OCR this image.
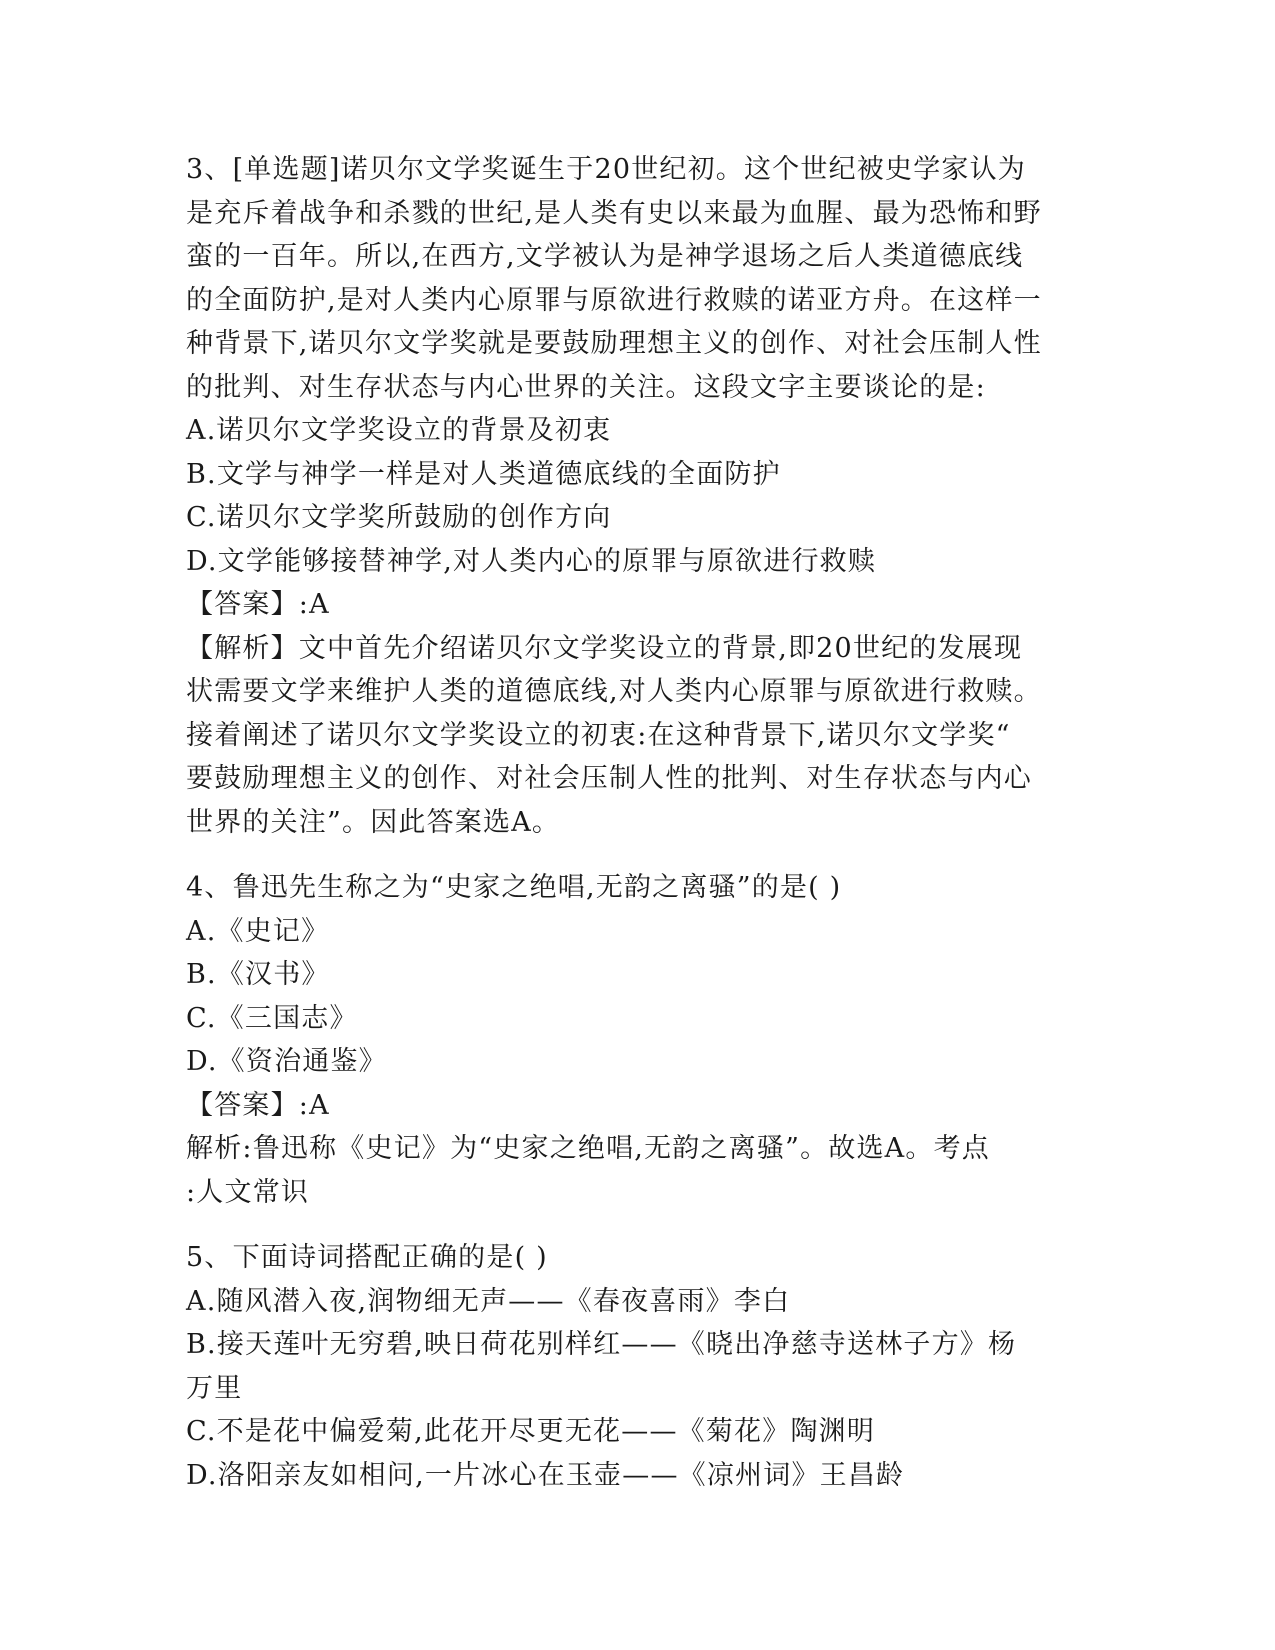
3、[单选题]诺贝尔文学奖诞生于20世纪初。这个世纪被史学家认为
是充斥着战争和杀戮的世纪,是人类有史以来最为血腥、最为恐怖和野
蛮的一百年。所以,在西方,文学被认为是神学退场之后人类道德底线
的全面防护,是对人类内心原罪与原欲进行救赎的诺亚方舟。在这样一
种背景下,诺贝尔文学奖就是要鼓励理想主义的创作、对社会压制人性
的批判、对生存状态与内心世界的关注。这段文字主要谈论的是:
A.诺贝尔文学奖设立的背景及初衷
B.文学与神学一样是对人类道德底线的全面防护
C.诺贝尔文学奖所鼓励的创作方向
D.文学能够接替神学,对人类内心的原罪与原欲进行救赎
【答案】:A
【解析】文中首先介绍诺贝尔文学奖设立的背景,即20世纪的发展现
状需要文学来维护人类的道德底线,对人类内心原罪与原欲进行救赎。
接着阐述了诺贝尔文学奖设立的初衷:在这种背景下,诺贝尔文学奖“
要鼓励理想主义的创作、对社会压制人性的批判、对生存状态与内心
世界的关注”。因此答案选A。
4、鲁迅先生称之为“史家之绝唱,无韵之离骚”的是( )
A.《史记》
B.《汉书》
C.《三国志》
D.《资治通鉴》
【答案】:A
解析:鲁迅称《史记》为“史家之绝唱,无韵之离骚”。故选A。考点
:人文常识
5、下面诗词搭配正确的是( )
A.随风潜入夜,润物细无声——《春夜喜雨》李白
B.接天莲叶无穷碧,映日荷花别样红——《晓出净慈寺送林子方》杨
万里
C.不是花中偏爱菊,此花开尽更无花——《菊花》陶渊明
D.洛阳亲友如相问,一片冰心在玉壶——《凉州词》王昌龄
